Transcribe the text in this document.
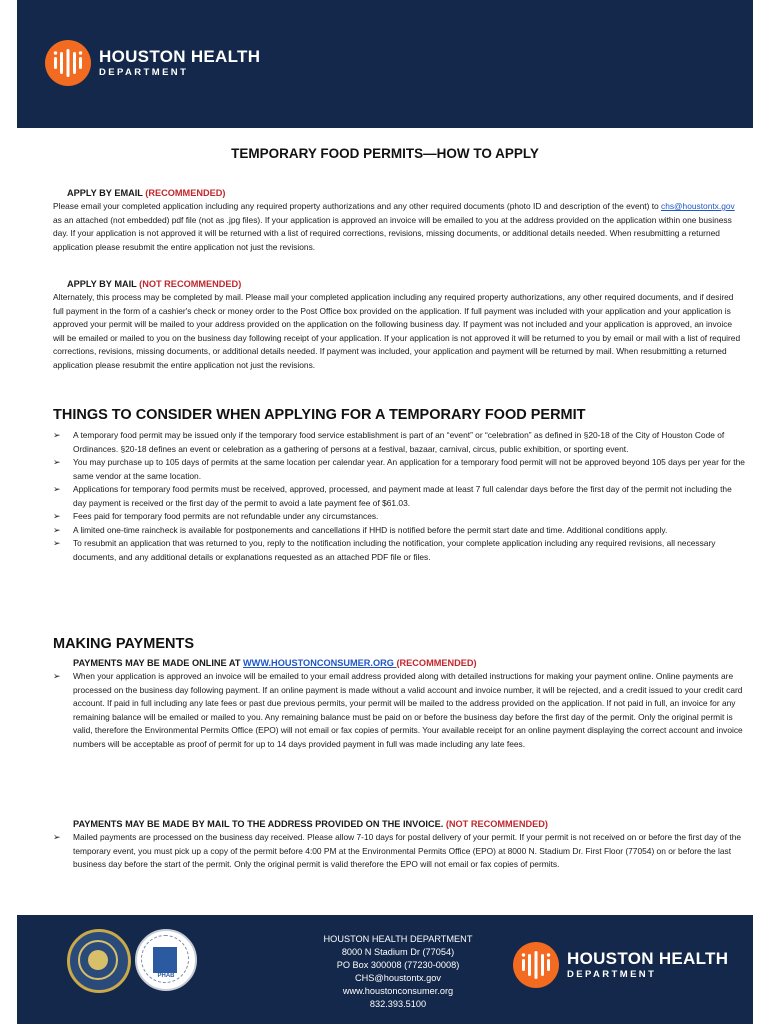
HOUSTON HEALTH
DEPARTMENT
TEMPORARY FOOD PERMITS—HOW TO APPLY
APPLY BY EMAIL (RECOMMENDED)

Please email your completed application including any required property authorizations and any other required documents (photo ID and description of the event) to chs@houstontx.gov as an attached (not embedded) pdf file (not as .jpg files). If your application is approved an invoice will be emailed to you at the address provided on the application within one business day. If your application is not approved it will be returned with a list of required corrections, revisions, missing documents, or additional details needed. When resubmitting a returned application please resubmit the entire application not just the revisions.

APPLY BY MAIL (NOT RECOMMENDED)

Alternately, this process may be completed by mail. Please mail your completed application including any required property authorizations, any other required documents, and if desired full payment in the form of a cashier's check or money order to the Post Office box provided on the application. If full payment was included with your application and your application is approved your permit will be mailed to your address provided on the application on the following business day. If payment was not included and your application is approved, an invoice will be emailed or mailed to you on the business day following receipt of your application. If your application is not approved it will be returned to you by email or mail with a list of required corrections, revisions, missing documents, or additional details needed. If payment was included, your application and payment will be returned by mail. When resubmitting a returned application please resubmit the entire application not just the revisions.

THINGS TO CONSIDER WHEN APPLYING FOR A TEMPORARY FOOD PERMIT
➢ A temporary food permit may be issued only if the temporary food service establishment is part of an “event” or “celebration” as defined in §20-18 of the City of Houston Code of Ordinances. §20-18 defines an event or celebration as a gathering of persons at a festival, bazaar, carnival, circus, public exhibition, or sporting event.
➢ You may purchase up to 105 days of permits at the same location per calendar year. An application for a temporary food permit will not be approved beyond 105 days per year for the same vendor at the same location.
➢ Applications for temporary food permits must be received, approved, processed, and payment made at least 7 full calendar days before the first day of the permit not including the day payment is received or the first day of the permit to avoid a late payment fee of $61.03.
➢ Fees paid for temporary food permits are not refundable under any circumstances.
➢ A limited one-time raincheck is available for postponements and cancellations if HHD is notified before the permit start date and time. Additional conditions apply.
➢ To resubmit an application that was returned to you, reply to the notification including the notification, your complete application including any required revisions, all necessary documents, and any additional details or explanations requested as an attached PDF file or files.
MAKING PAYMENTS
PAYMENTS MAY BE MADE ONLINE AT WWW.HOUSTONCONSUMER.ORG (RECOMMENDED)
➢ When your application is approved an invoice will be emailed to your email address provided along with detailed instructions for making your payment online. Online payments are processed on the business day following payment. If an online payment is made without a valid account and invoice number, it will be rejected, and a credit issued to your credit card account. If paid in full including any late fees or past due previous permits, your permit will be mailed to the address provided on the application. If not paid in full, an invoice for any remaining balance will be emailed or mailed to you. Any remaining balance must be paid on or before the business day before the first day of the permit. Only the original permit is valid, therefore the Environmental Permits Office (EPO) will not email or fax copies of permits. Your available receipt for an online payment displaying the correct account and invoice numbers will be acceptable as proof of permit for up to 14 days provided payment in full was made including any late fees.
PAYMENTS MAY BE MADE BY MAIL TO THE ADDRESS PROVIDED ON THE INVOICE. (NOT RECOMMENDED)
➢ Mailed payments are processed on the business day received. Please allow 7-10 days for postal delivery of your permit. If your permit is not received on or before the first day of the temporary event, you must pick up a copy of the permit before 4:00 PM at the Environmental Permits Office (EPO) at 8000 N. Stadium Dr. First Floor (77054) on or before the last business day before the start of the permit. Only the original permit is valid therefore the EPO will not email or fax copies of permits.
PHAB
HOUSTON HEALTH DEPARTMENT
8000 N Stadium Dr (77054)
PO Box 300008 (77230-0008)
CHS@houstontx.gov
www.houstonconsumer.org
832.393.5100
HOUSTON HEALTH
DEPARTMENT
